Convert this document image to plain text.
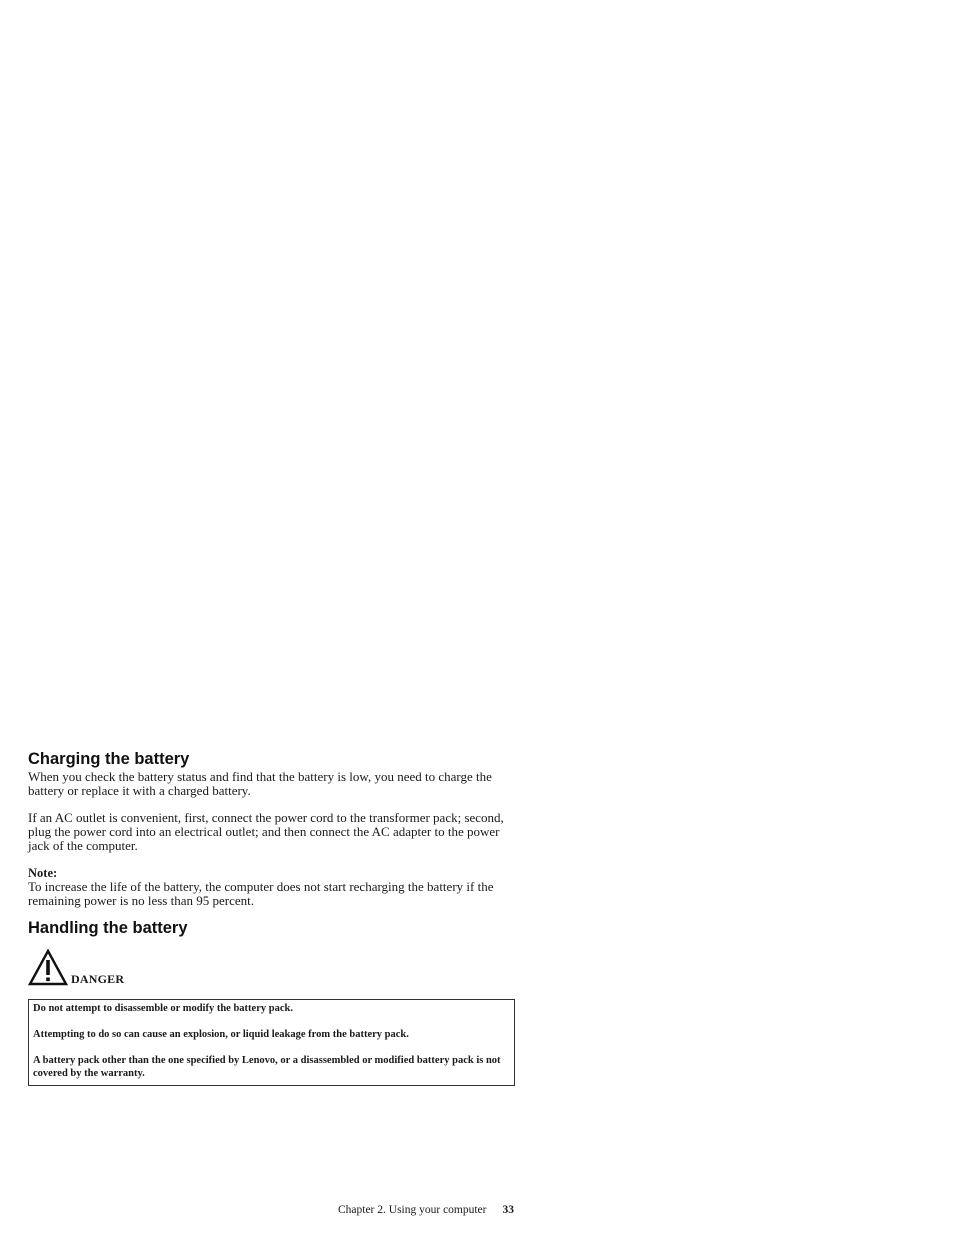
Charging the battery

When you check the battery status and find that the battery is low, you need to charge the battery or replace it with a charged battery.

If an AC outlet is convenient, first, connect the power cord to the transformer pack; second, plug the power cord into an electrical outlet; and then connect the AC adapter to the power jack of the computer.

Note:

To increase the life of the battery, the computer does not start recharging the battery if the remaining power is no less than 95 percent.

Handling the battery
DANGER

Do not attempt to disassemble or modify the battery pack.

Attempting to do so can cause an explosion, or liquid leakage from the battery pack.

A battery pack other than the one specified by Lenovo, or a disassembled or modified battery pack is not covered by the warranty.

Chapter 2. Using your computer 33
